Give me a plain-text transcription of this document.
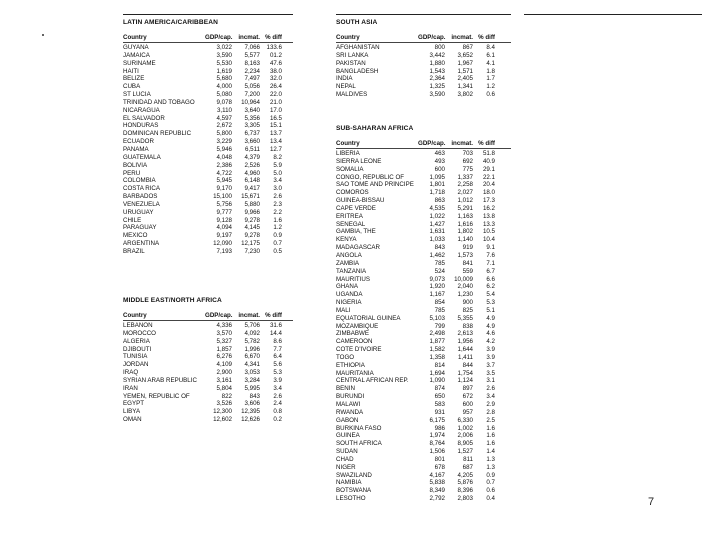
LATIN AMERICA/CARIBBEAN
Country	GDP/cap. incmat. % diff
GUYANA	3,022	7,066	133.6
JAMAICA	3,590	5,577	01.2
SURINAME	5,530	8,163	47.6
HAITI	1,619	2,234	38.0
BELIZE	5,680	7,497	32.0
CUBA	4,000	5,056	26.4
ST LUCIA	5,080	7,200	22.0
TRINIDAD AND TOBAGO	9,078	10,964	21.0
NICARAGUA	3,110	3,640	17.0
EL SALVADOR	4,597	5,356	16.5
HONDURAS	2,672	3,305	15.1
DOMINICAN REPUBLIC	5,800	6,737	13.7
ECUADOR	3,229	3,660	13.4
PANAMA	5,946	6,511	12.7
GUATEMALA	4,048	4,379	8.2
BOLIVIA	2,386	2,526	5.9
PERU	4,722	4,960	5.0
COLOMBIA	5,945	6,148	3.4
COSTA RICA	9,170	9,417	3.0
BARBADOS	15,100	15,671	2.6
VENEZUELA	5,756	5,880	2.3
URUGUAY	9,777	9,966	2.2
CHILE	9,128	9,278	1.6
PARAGUAY	4,094	4,145	1.2
MEXICO	9,197	9,278	0.9
ARGENTINA	12,090	12,175	0.7
BRAZIL	7,193	7,230	0.5
MIDDLE EAST/NORTH AFRICA
Country	GDP/cap. incmat. % diff
LEBANON	4,336	5,706	31.6
MOROCCO	3,570	4,092	14.4
ALGERIA	5,327	5,782	8.6
DJIBOUTI	1,857	1,996	7.7
TUNISIA	6,276	6,670	6.4
JORDAN	4,109	4,341	5.6
IRAQ	2,900	3,053	5.3
SYRIAN ARAB REPUBLIC	3,161	3,284	3.9
IRAN	5,804	5,995	3.4
YEMEN, REPUBLIC OF	822	843	2.6
EGYPT	3,526	3,606	2.4
LIBYA	12,300	12,395	0.8
OMAN	12,602	12,626	0.2
SOUTH ASIA
Country	GDP/cap. incmat. % diff
AFGHANISTAN	800	867	8.4
SRI LANKA	3,442	3,652	6.1
PAKISTAN	1,880	1,967	4.1
BANGLADESH	1,543	1,571	1.8
INDIA	2,364	2,405	1.7
NEPAL	1,325	1,341	1.2
MALDIVES	3,590	3,802	0.6
SUB-SAHARAN AFRICA
Country	GDP/cap. incmat. % diff
LIBERIA	463	703	51.8
SIERRA LEONE	493	692	40.9
SOMALIA	600	775	29.1
CONGO, REPUBLIC OF	1,095	1,337	22.1
SÃO TOMÉ AND PRÍNCIPE	1,801	2,258	20.4
COMOROS	1,718	2,027	18.0
GUINEA-BISSAU	863	1,012	17.3
CAPE VERDE	4,535	5,291	16.2
ERITREA	1,022	1,163	13.8
SENEGAL	1,427	1,616	13.3
GAMBIA, THE	1,631	1,802	10.5
KENYA	1,033	1,140	10.4
MADAGASCAR	843	919	9.1
ANGOLA	1,462	1,573	7.6
ZAMBIA	785	841	7.1
TANZANIA	524	559	6.7
MAURITIUS	9,073	10,009	6.6
GHANA	1,920	2,040	6.2
UGANDA	1,167	1,230	5.4
NIGERIA	854	900	5.3
MALI	785	825	5.1
EQUATORIAL GUINEA	5,103	5,355	4.9
MOZAMBIQUE	799	838	4.9
ZIMBABWE	2,498	2,613	4.6
CAMEROON	1,877	1,956	4.2
COTE D'IVOIRE	1,582	1,644	3.9
TOGO	1,358	1,411	3.9
ETHIOPIA	814	844	3.7
MAURITANIA	1,694	1,754	3.5
CENTRAL AFRICAN REP.	1,090	1,124	3.1
BENIN	874	897	2.6
BURUNDI	650	672	3.4
MALAWI	583	600	2.9
RWANDA	931	957	2.8
GABON	6,175	6,330	2.5
BURKINA FASO	986	1,002	1.6
GUINEA	1,974	2,006	1.6
SOUTH AFRICA	8,764	8,905	1.6
SUDAN	1,506	1,527	1.4
CHAD	801	811	1.3
NIGER	678	687	1.3
SWAZILAND	4,167	4,205	0.9
NAMIBIA	5,838	5,876	0.7
BOTSWANA	8,349	8,396	0.6
LESOTHO	2,792	2,803	0.4	7
